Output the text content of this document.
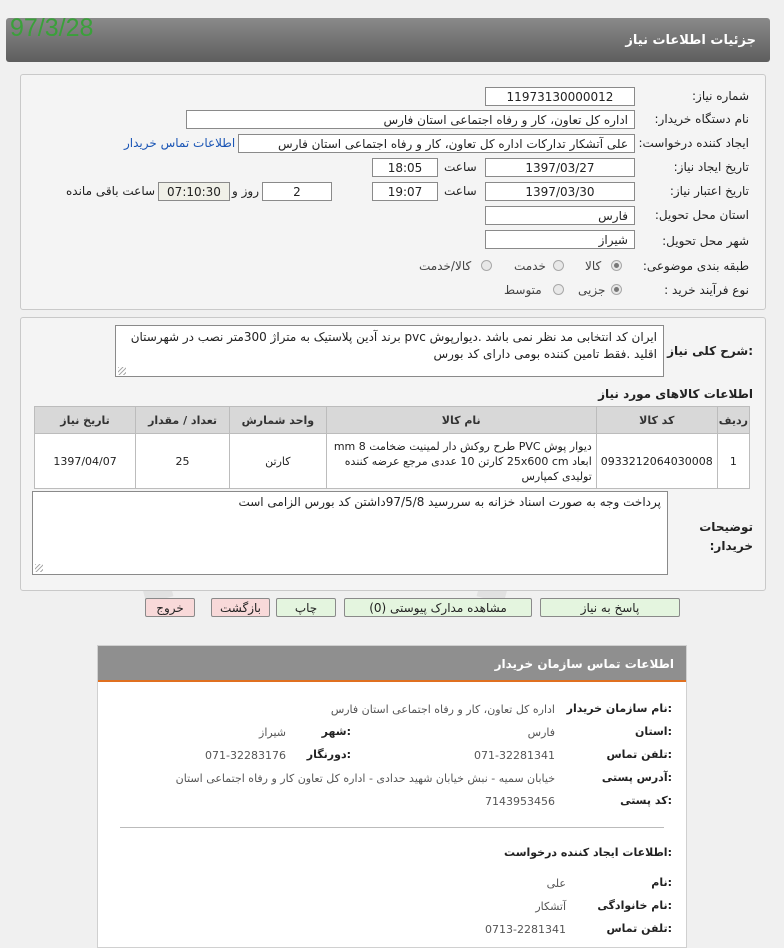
97/3/28	جزئیات اطلاعات نیاز
شماره نیاز:
11973130000012
نام دستگاه خریدار:
اداره کل تعاون، کار و رفاه اجتماعی استان فارس
ایجاد کننده درخواست:
علی آتشکار تدارکات اداره کل تعاون، کار و رفاه اجتماعی استان فارس
اطلاعات تماس خریدار
تاریخ ایجاد نیاز:
1397/03/27
ساعت
18:05
تاریخ اعتبار نیاز:
1397/03/30
ساعت
19:07
2
روز و
07:10:30
ساعت باقی مانده
استان محل تحویل:
فارس
شهر محل تحویل:
شیراز
طبقه بندی موضوعی:
کالا
خدمت
کالا/خدمت
نوع فرآیند خرید :
جزیی
متوسط
شرح کلی نیاز:
ایران کد انتخابی مد نظر نمی باشد .دیوارپوش pvc برند آدین پلاستیک به متراژ 300متر نصب در شهرستان اقلید .فقط تامین کننده بومی دارای کد بورس
اطلاعات کالاهای مورد نیاز
ردیف	کد کالا	نام کالا	واحد شمارش	تعداد / مقدار	تاریخ نیاز
1	0933212064030008	دیوار پوش PVC طرح روکش دار لمینیت ضخامت 8 mm ابعاد 25x600 cm کارتن 10 عددی مرجع عرضه کننده تولیدی کمپارس	کارتن	25	1397/04/07
توضیحات خریدار:
پرداخت وجه به صورت اسناد خزانه به سررسید 97/5/8داشتن کد بورس الزامی است
پاسخ به نیاز
مشاهده مدارک پیوستی (0)
چاپ
بازگشت
خروج
اطلاعات تماس سازمان خریدار
نام سازمان خریدار:
اداره کل تعاون، کار و رفاه اجتماعی استان فارس
استان:
فارس
شهر:
شیراز
تلفن تماس:
071-32281341
دورنگار:
071-32283176
آدرس پستی:
خیابان سمیه - نبش خیابان شهید حدادی - اداره کل تعاون کار و رفاه اجتماعی استان
کد پستی:
7143953456
اطلاعات ایجاد کننده درخواست:
نام:
علی
نام خانوادگی:
آتشکار
تلفن تماس:
0713-2281341
